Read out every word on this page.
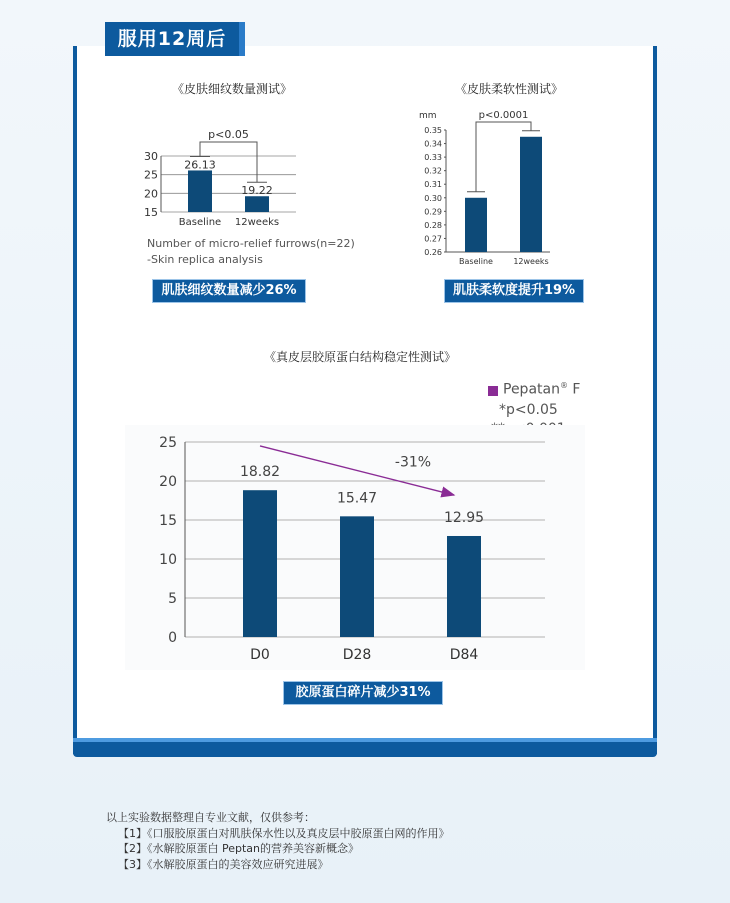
服用12周后
《皮肤细纹数量测试》
15
20
25
30
26.13
Baseline
19.22
12weeks
p<0.05
Number of micro-relief furrows(n=22)
-Skin replica analysis
肌肤细纹数量减少26%
《皮肤柔软性测试》
mm
0.26
0.27
0.28
0.29
0.30
0.31
0.32
0.33
0.34
0.35
Baseline	12weeks
p<0.0001
肌肤柔软度提升19%
《真皮层胶原蛋白结构稳定性测试》
Pepatan® F
*p<0.05
0
5
10
15
20
25
18.82
D0
15.47
D28
12.95
D84
-31%
胶原蛋白碎片减少31%
以上实验数据整理自专业文献，仅供参考：
【1】《口服胶原蛋白对肌肤保水性以及真皮层中胶原蛋白网的作用》
【2】《水解胶原蛋白 Peptan的营养美容新概念》
【3】《水解胶原蛋白的美容效应研究进展》
